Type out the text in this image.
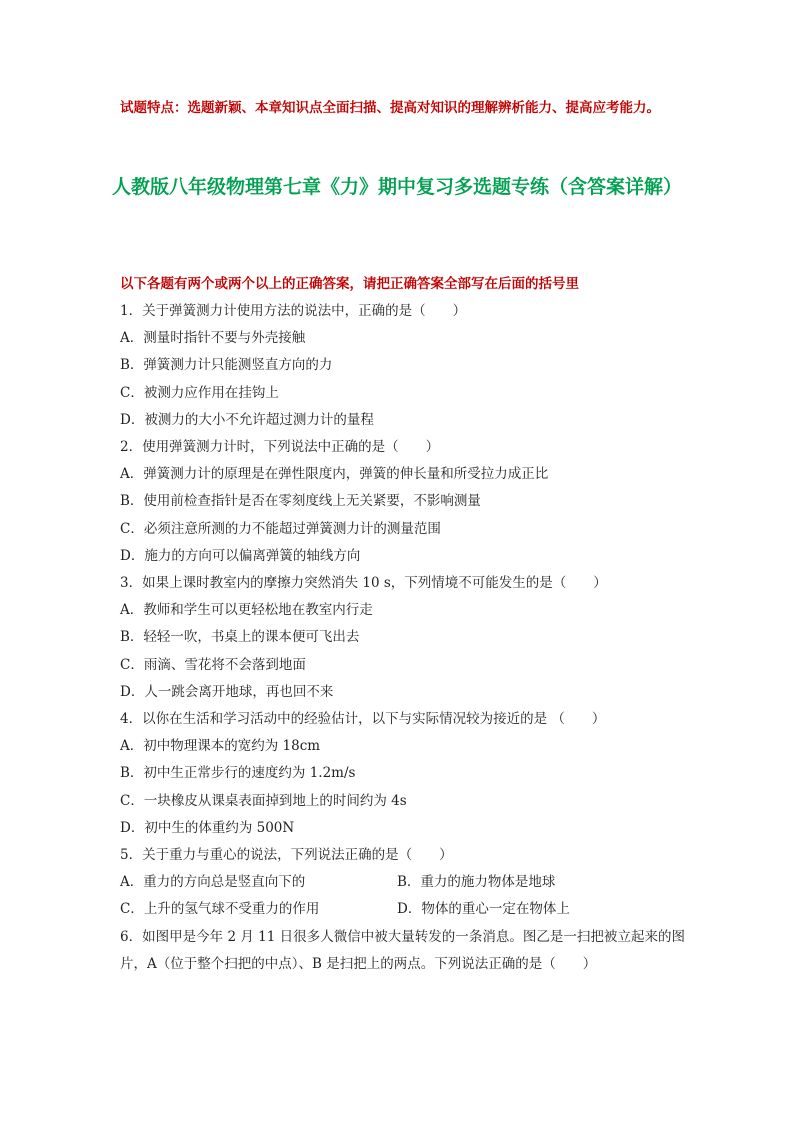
试题特点：选题新颖、本章知识点全面扫描、提高对知识的理解辨析能力、提高应考能力。

人教版八年级物理第七章《力》期中复习多选题专练（含答案详解）

以下各题有两个或两个以上的正确答案，请把正确答案全部写在后面的括号里

1．关于弹簧测力计使用方法的说法中，正确的是（　　）
A．测量时指针不要与外壳接触
B．弹簧测力计只能测竖直方向的力
C．被测力应作用在挂钩上
D．被测力的大小不允许超过测力计的量程
2．使用弹簧测力计时，下列说法中正确的是（　　）
A．弹簧测力计的原理是在弹性限度内，弹簧的伸长量和所受拉力成正比
B．使用前检查指针是否在零刻度线上无关紧要，不影响测量
C．必须注意所测的力不能超过弹簧测力计的测量范围
D．施力的方向可以偏离弹簧的轴线方向
3．如果上课时教室内的摩擦力突然消失 10 s，下列情境不可能发生的是（　　）
A．教师和学生可以更轻松地在教室内行走
B．轻轻一吹，书桌上的课本便可飞出去
C．雨滴、雪花将不会落到地面
D．人一跳会离开地球，再也回不来
4．以你在生活和学习活动中的经验估计，以下与实际情况较为接近的是 （　　）
A．初中物理课本的宽约为 18cm
B．初中生正常步行的速度约为 1.2m/s
C．一块橡皮从课桌表面掉到地上的时间约为 4s
D．初中生的体重约为 500N
5．关于重力与重心的说法，下列说法正确的是（　　）
A．重力的方向总是竖直向下的	B．重力的施力物体是地球
C．上升的氢气球不受重力的作用	D．物体的重心一定在物体上
6．如图甲是今年 2 月 11 日很多人微信中被大量转发的一条消息。图乙是一扫把被立起来的图片，A（位于整个扫把的中点）、B 是扫把上的两点。下列说法正确的是（　　）
